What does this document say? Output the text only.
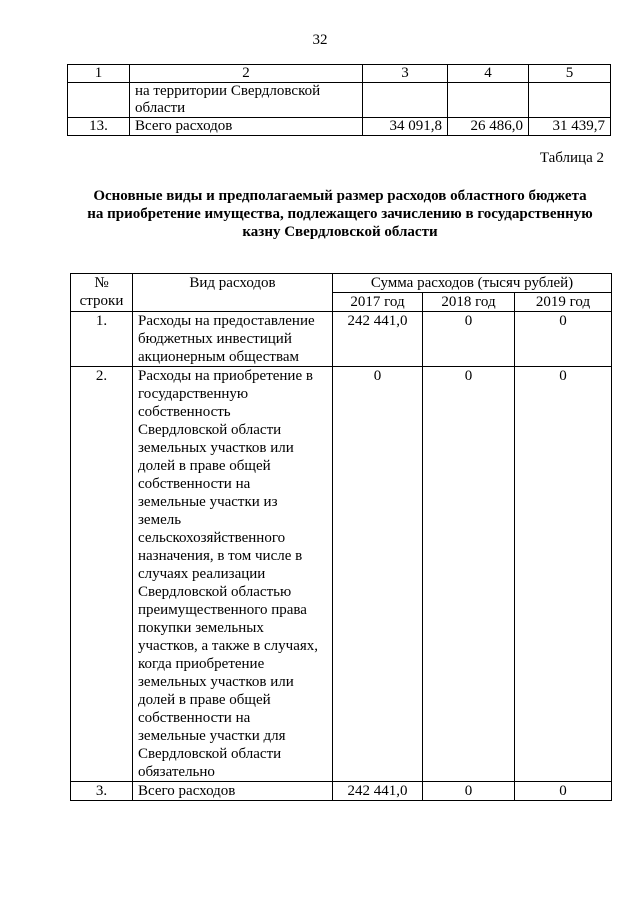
32
1	2	3	4	5
	на территории Свердловской области			
13.	Всего расходов	34 091,8	26 486,0	31 439,7
Таблица 2
Основные виды и предполагаемый размер расходов областного бюджета
на приобретение имущества, подлежащего зачислению в государственную
казну Свердловской области
№
строки	Вид расходов	Сумма расходов (тысяч рублей)		
		2017 год	2018 год	2019 год
1.	Расходы на предоставление бюджетных инвестиций акционерным обществам	242 441,0	0	0
2.	Расходы на приобретение в государственную собственность Свердловской области земельных участков или долей в праве общей собственности на земельные участки из земель сельскохозяйственного назначения, в том числе в случаях реализации Свердловской областью преимущественного права покупки земельных участков, а также в случаях, когда приобретение земельных участков или долей в праве общей собственности на земельные участки для Свердловской области обязательно	0	0	0
3.	Всего расходов	242 441,0	0	0
